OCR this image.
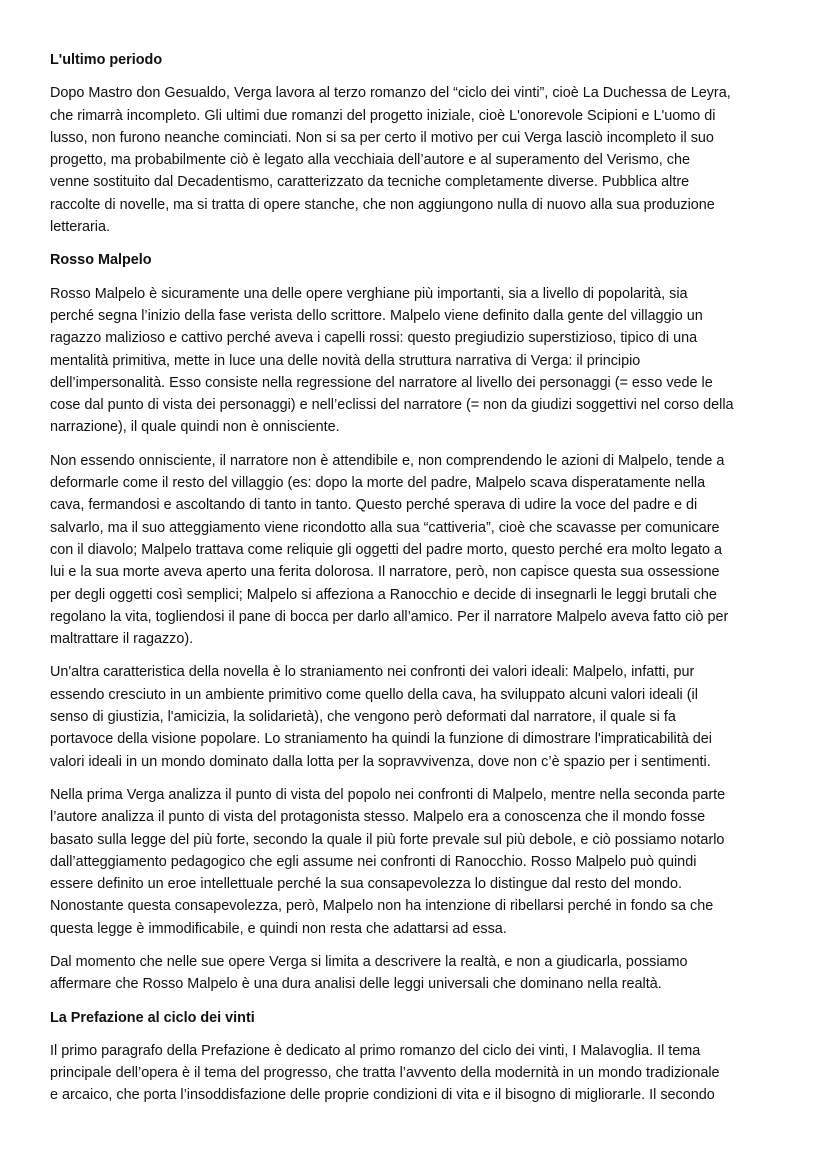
L'ultimo periodo
Dopo Mastro don Gesualdo, Verga lavora al terzo romanzo del “ciclo dei vinti”, cioè La Duchessa de Leyra,
che rimarrà incompleto. Gli ultimi due romanzi del progetto iniziale, cioè L'onorevole Scipioni e L'uomo di
lusso, non furono neanche cominciati. Non si sa per certo il motivo per cui Verga lasciò incompleto il suo
progetto, ma probabilmente ciò è legato alla vecchiaia dell’autore e al superamento del Verismo, che
venne sostituito dal Decadentismo, caratterizzato da tecniche completamente diverse. Pubblica altre
raccolte di novelle, ma si tratta di opere stanche, che non aggiungono nulla di nuovo alla sua produzione
letteraria.
Rosso Malpelo
Rosso Malpelo è sicuramente una delle opere verghiane più importanti, sia a livello di popolarità, sia
perché segna l’inizio della fase verista dello scrittore. Malpelo viene definito dalla gente del villaggio un
ragazzo malizioso e cattivo perché aveva i capelli rossi: questo pregiudizio superstizioso, tipico di una
mentalità primitiva, mette in luce una delle novità della struttura narrativa di Verga: il principio
dell’impersonalità. Esso consiste nella regressione del narratore al livello dei personaggi (= esso vede le
cose dal punto di vista dei personaggi) e nell’eclissi del narratore (= non da giudizi soggettivi nel corso della
narrazione), il quale quindi non è onnisciente.
Non essendo onnisciente, il narratore non è attendibile e, non comprendendo le azioni di Malpelo, tende a
deformarle come il resto del villaggio (es: dopo la morte del padre, Malpelo scava disperatamente nella
cava, fermandosi e ascoltando di tanto in tanto. Questo perché sperava di udire la voce del padre e di
salvarlo, ma il suo atteggiamento viene ricondotto alla sua “cattiveria”, cioè che scavasse per comunicare
con il diavolo; Malpelo trattava come reliquie gli oggetti del padre morto, questo perché era molto legato a
lui e la sua morte aveva aperto una ferita dolorosa. Il narratore, però, non capisce questa sua ossessione
per degli oggetti così semplici; Malpelo si affeziona a Ranocchio e decide di insegnarli le leggi brutali che
regolano la vita, togliendosi il pane di bocca per darlo all’amico. Per il narratore Malpelo aveva fatto ciò per
maltrattare il ragazzo).
Un'altra caratteristica della novella è lo straniamento nei confronti dei valori ideali: Malpelo, infatti, pur
essendo cresciuto in un ambiente primitivo come quello della cava, ha sviluppato alcuni valori ideali (il
senso di giustizia, l'amicizia, la solidarietà), che vengono però deformati dal narratore, il quale si fa
portavoce della visione popolare. Lo straniamento ha quindi la funzione di dimostrare l'impraticabilità dei
valori ideali in un mondo dominato dalla lotta per la sopravvivenza, dove non c’è spazio per i sentimenti.
Nella prima Verga analizza il punto di vista del popolo nei confronti di Malpelo, mentre nella seconda parte
l’autore analizza il punto di vista del protagonista stesso. Malpelo era a conoscenza che il mondo fosse
basato sulla legge del più forte, secondo la quale il più forte prevale sul più debole, e ciò possiamo notarlo
dall’atteggiamento pedagogico che egli assume nei confronti di Ranocchio. Rosso Malpelo può quindi
essere definito un eroe intellettuale perché la sua consapevolezza lo distingue dal resto del mondo.
Nonostante questa consapevolezza, però, Malpelo non ha intenzione di ribellarsi perché in fondo sa che
questa legge è immodificabile, e quindi non resta che adattarsi ad essa.
Dal momento che nelle sue opere Verga si limita a descrivere la realtà, e non a giudicarla, possiamo
affermare che Rosso Malpelo è una dura analisi delle leggi universali che dominano nella realtà.
La Prefazione al ciclo dei vinti
Il primo paragrafo della Prefazione è dedicato al primo romanzo del ciclo dei vinti, I Malavoglia. Il tema
principale dell’opera è il tema del progresso, che tratta l’avvento della modernità in un mondo tradizionale
e arcaico, che porta l’insoddisfazione delle proprie condizioni di vita e il bisogno di migliorarle. Il secondo
